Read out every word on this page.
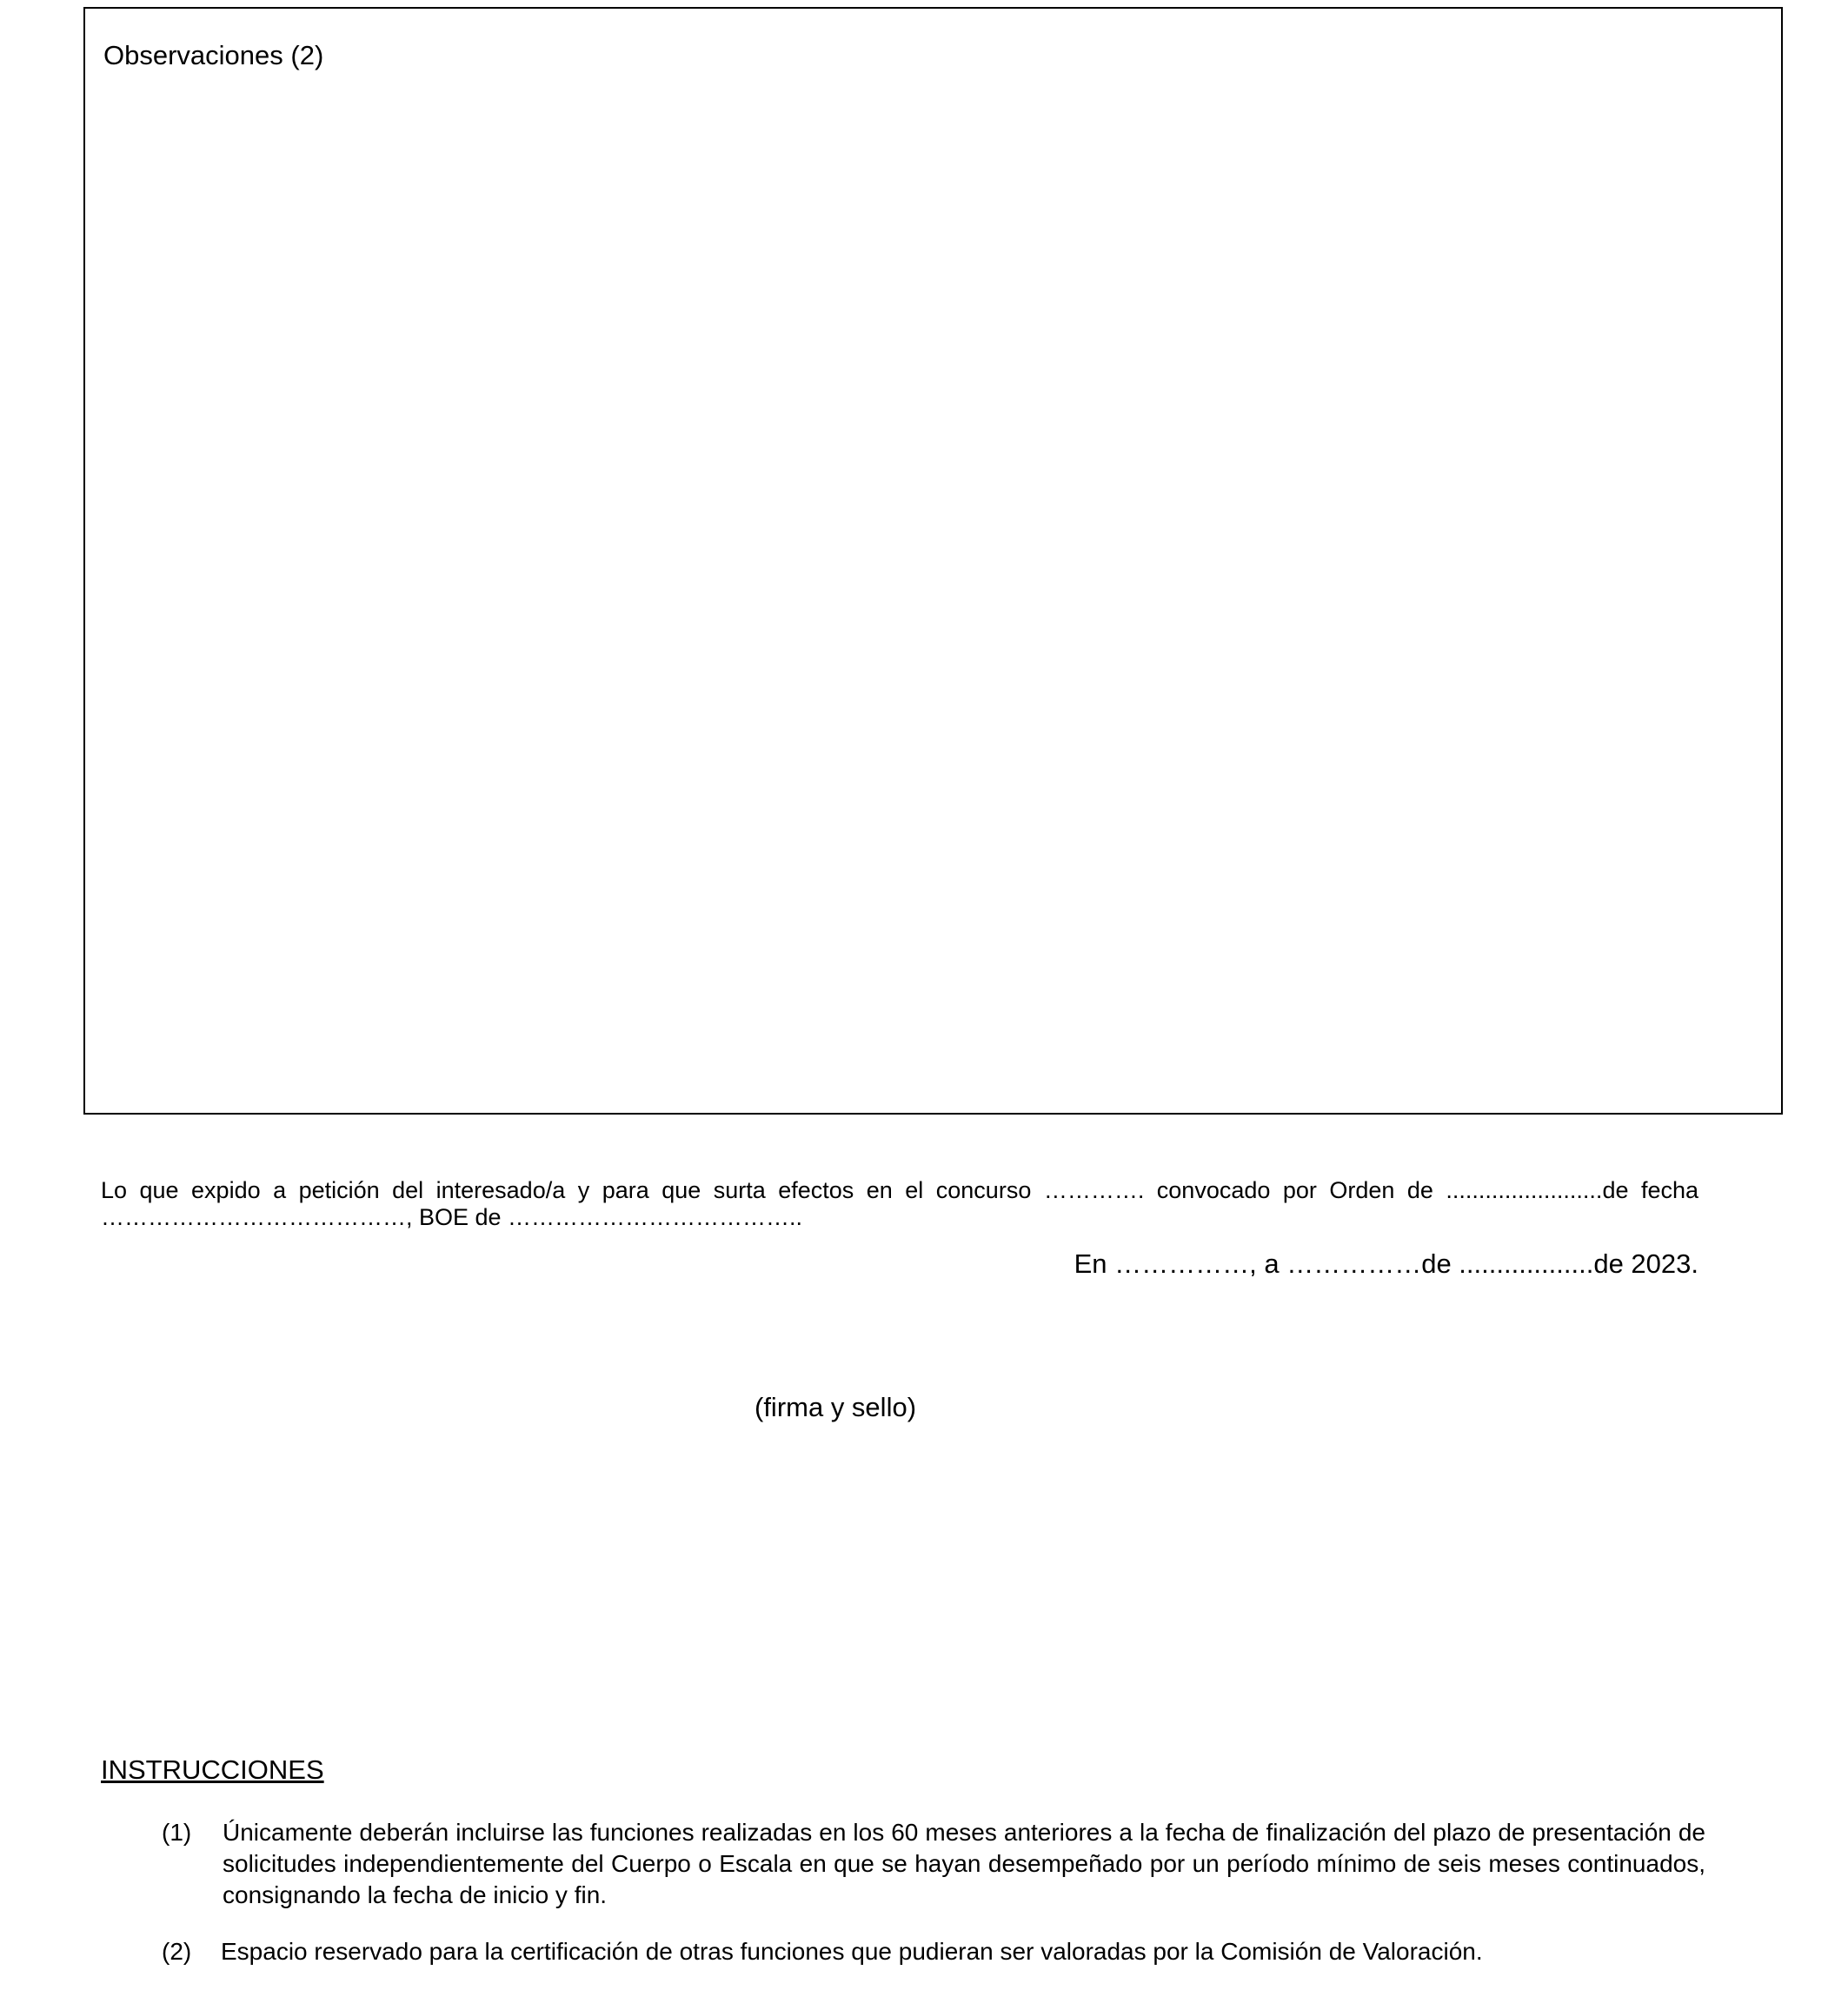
Observaciones (2)
Lo que expido a petición del interesado/a y para que surta efectos en el concurso …………. convocado por Orden de ........................de fecha …………………………………, BOE de ………………………………..
En ……………, a ……………de ..................de 2023.
(firma y sello)
INSTRUCCIONES
(1) Únicamente deberán incluirse las funciones realizadas en los 60 meses anteriores a la fecha de finalización del plazo de presentación de solicitudes independientemente del Cuerpo o Escala en que se hayan desempeñado por un período mínimo de seis meses continuados, consignando la fecha de inicio y fin.
(2) Espacio reservado para la certificación de otras funciones que pudieran ser valoradas por la Comisión de Valoración.
